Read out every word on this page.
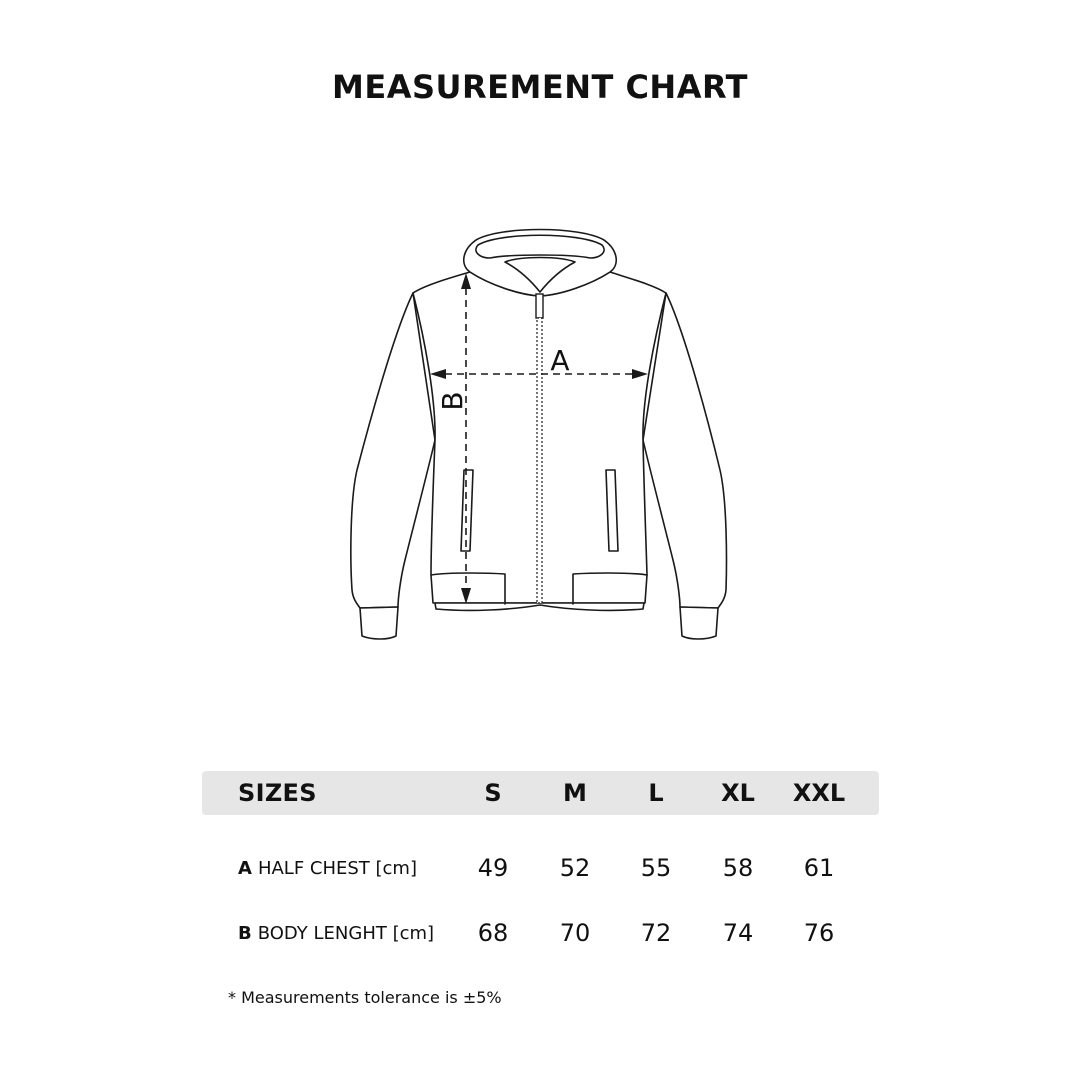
MEASUREMENT CHART
A
B
SIZES	S	M	L	XL	XXL
A HALF CHEST [cm]	49	52	55	58	61
B BODY LENGHT [cm]	68	70	72	74	76
* Measurements tolerance is ±5%
